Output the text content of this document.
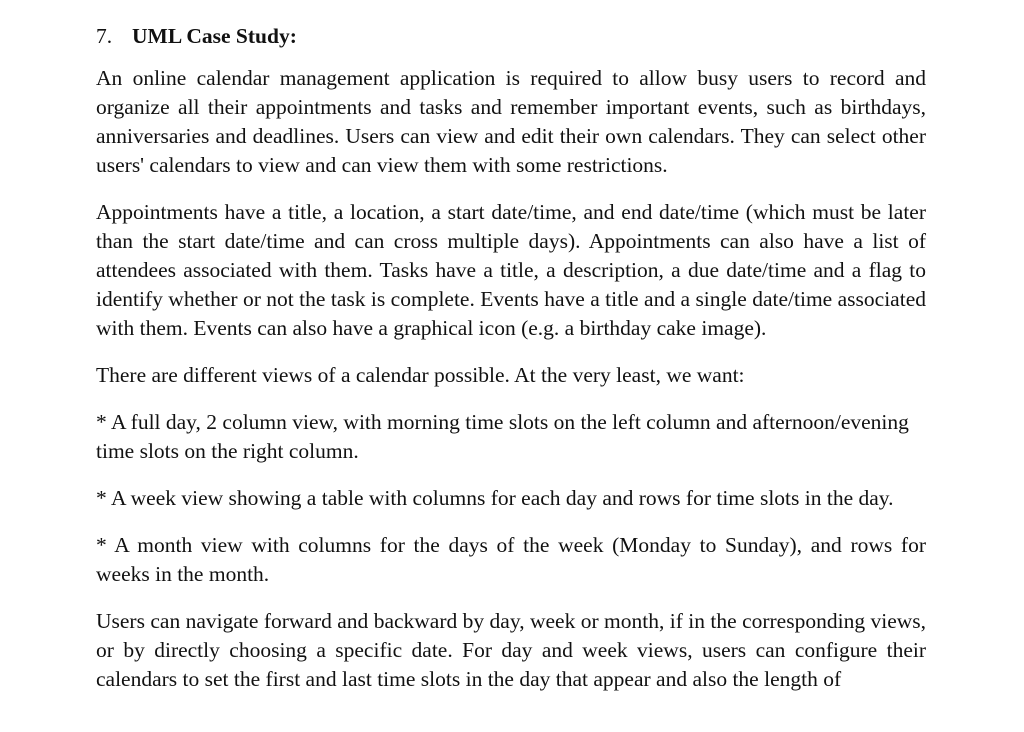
7. UML Case Study:

An online calendar management application is required to allow busy users to record and organize all their appointments and tasks and remember important events, such as birthdays, anniversaries and deadlines. Users can view and edit their own calendars. They can select other users' calendars to view and can view them with some restrictions.

Appointments have a title, a location, a start date/time, and end date/time (which must be later than the start date/time and can cross multiple days). Appointments can also have a list of attendees associated with them. Tasks have a title, a description, a due date/time and a flag to identify whether or not the task is complete. Events have a title and a single date/time associated with them. Events can also have a graphical icon (e.g. a birthday cake image).

There are different views of a calendar possible. At the very least, we want:

* A full day, 2 column view, with morning time slots on the left column and afternoon/evening time slots on the right column.

* A week view showing a table with columns for each day and rows for time slots in the day.

* A month view with columns for the days of the week (Monday to Sunday), and rows for weeks in the month.

Users can navigate forward and backward by day, week or month, if in the corresponding views, or by directly choosing a specific date. For day and week views, users can configure their calendars to set the first and last time slots in the day that appear and also the length of
